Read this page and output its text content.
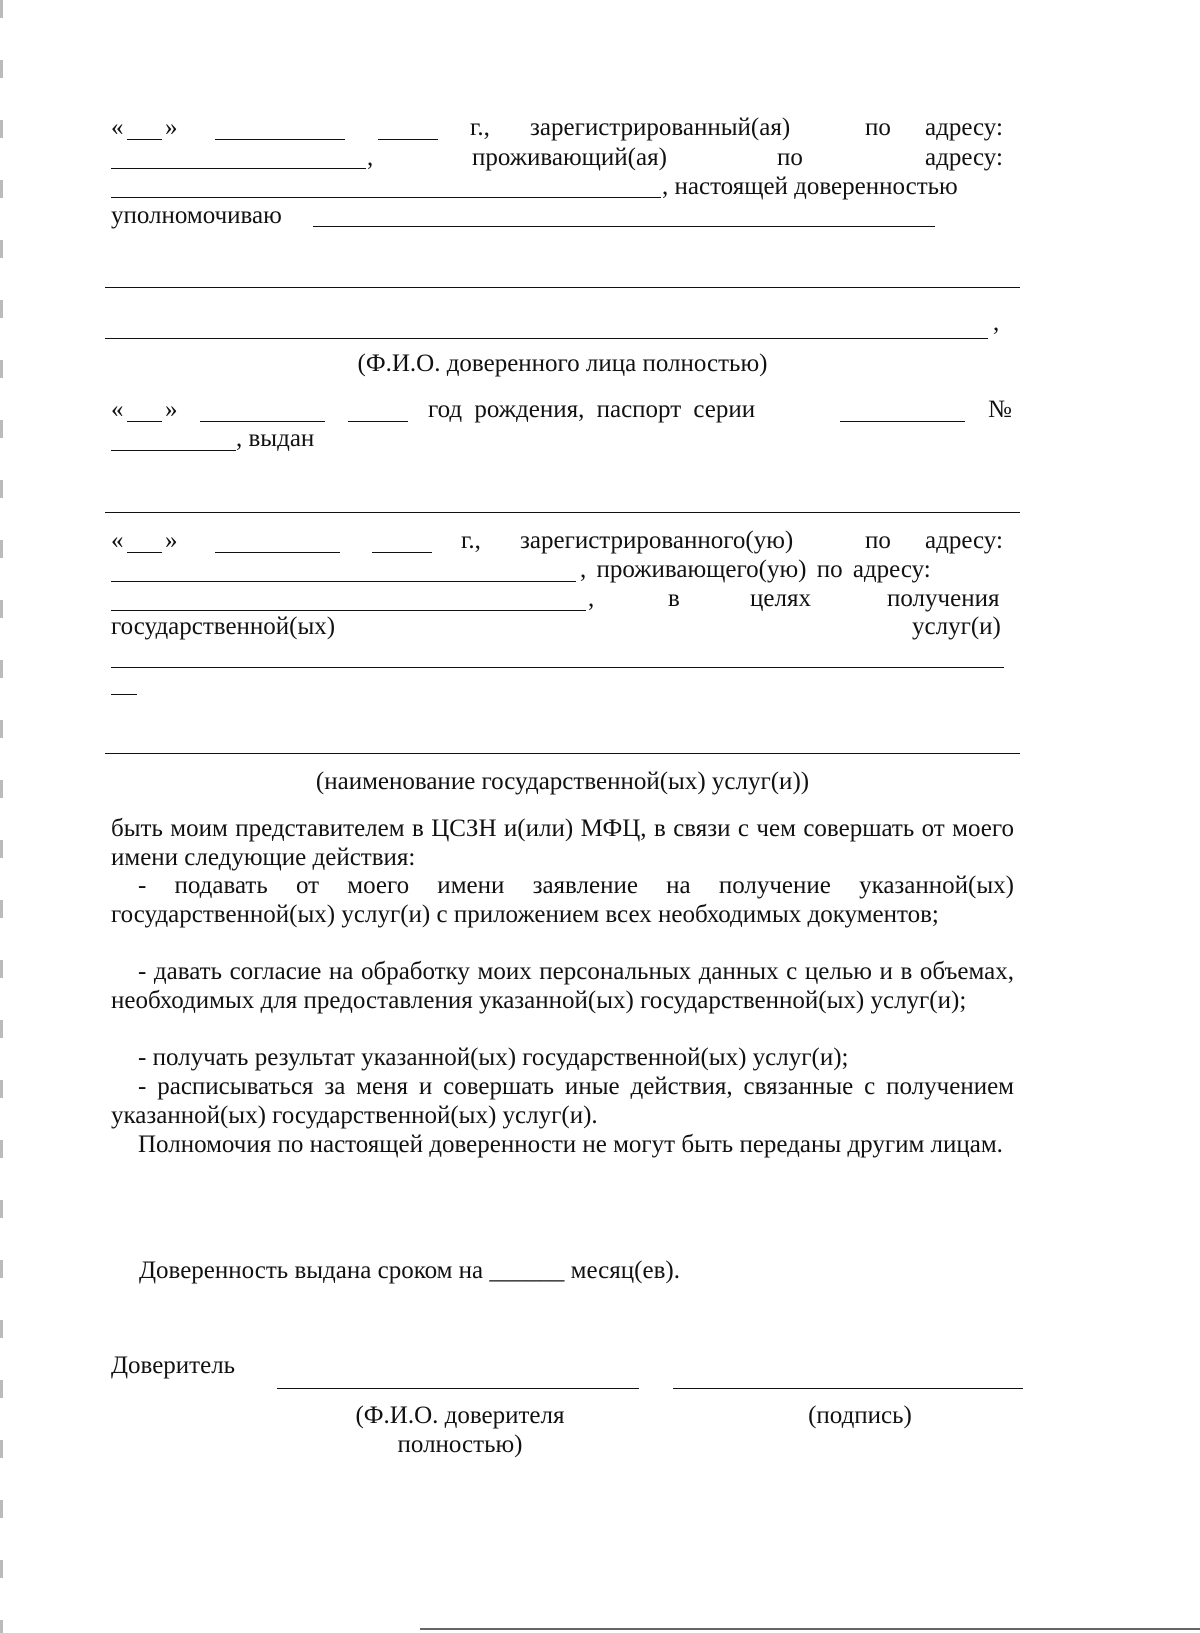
« »	г., зарегистрированный(ая)	по адресу:
,	проживающий(ая)	по	адресу:
, настоящей доверенностью
уполномочиваю
,
(Ф.И.О. доверенного лица полностью)
« »	год рождения, паспорт серии	№
, выдан
« »	г., зарегистрированного(ую)	по адресу:
, проживающего(ую) по адресу:
,	в	целях	получения
государственной(ых)	услуг(и)
(наименование государственной(ых) услуг(и))
быть моим представителем в ЦСЗН и(или) МФЦ, в связи с чем совершать от моего имени следующие действия:
- подавать от моего имени заявление на получение указанной(ых) государственной(ых) услуг(и) с приложением всех необходимых документов;
- давать согласие на обработку моих персональных данных с целью и в объемах, необходимых для предоставления указанной(ых) государственной(ых) услуг(и);
- получать результат указанной(ых) государственной(ых) услуг(и);
- расписываться за меня и совершать иные действия, связанные с получением указанной(ых) государственной(ых) услуг(и).
Полномочия по настоящей доверенности не могут быть переданы другим лицам.
Доверенность выдана сроком на ______ месяц(ев).
Доверитель
(Ф.И.О. доверителя
полностью)
(подпись)
